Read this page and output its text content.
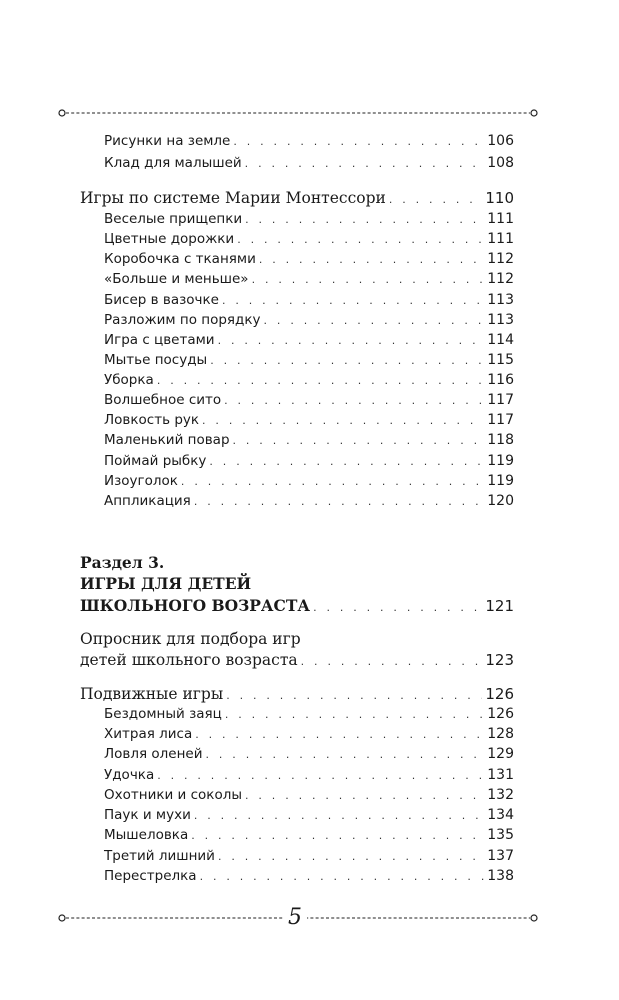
Рисунки на земле . . .	106
Клад для малышей . . .	108
Игры по системе Марии Монтессори . . .	110
Веселые прищепки . . .	111
Цветные дорожки . . .	111
Коробочка с тканями . . .	112
«Больше и меньше» . . .	112
Бисер в вазочке . . .	113
Разложим по порядку . . .	113
Игра с цветами . . .	114
Мытье посуды . . .	115
Уборка . . .	116
Волшебное сито . . .	117
Ловкость рук . . .	117
Маленький повар . . .	118
Поймай рыбку . . .	119
Изоуголок . . .	119
Аппликация . . .	120
Раздел 3.
ИГРЫ ДЛЯ ДЕТЕЙ
ШКОЛЬНОГО ВОЗРАСТА . . .	121
Опросник для подбора игр
детей школьного возраста . . .	123
Подвижные игры . . .	126
Бездомный заяц . . .	126
Хитрая лиса . . .	128
Ловля оленей . . .	129
Удочка . . .	131
Охотники и соколы . . .	132
Паук и мухи . . .	134
Мышеловка . . .	135
Третий лишний . . .	137
Перестрелка . . .	138
5
